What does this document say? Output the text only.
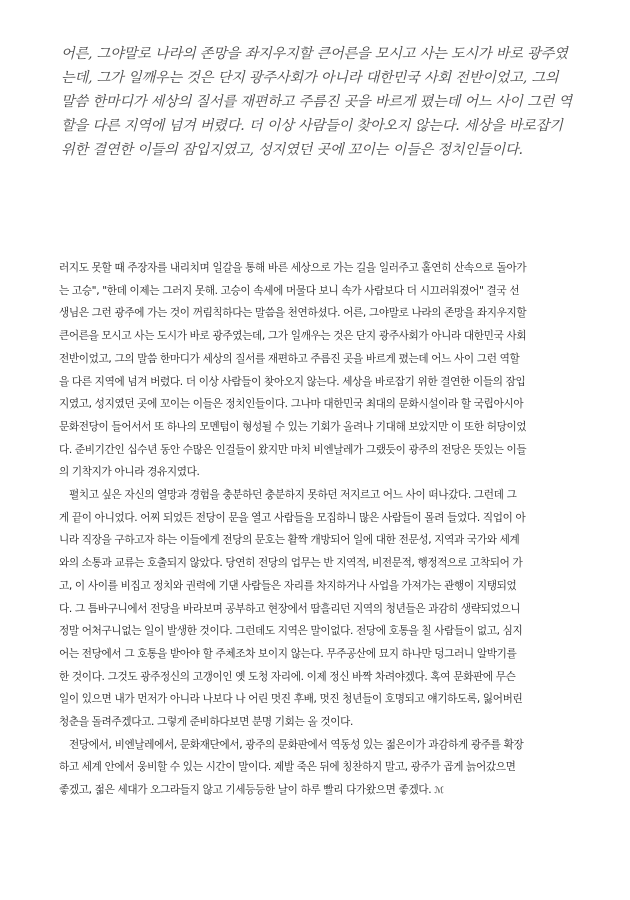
어른, 그야말로 나라의 존망을 좌지우지할 큰어른을 모시고 사는 도시가 바로 광주였
는데, 그가 일깨우는 것은 단지 광주사회가 아니라 대한민국 사회 전반이었고, 그의
말씀 한마디가 세상의 질서를 재편하고 주름진 곳을 바르게 폈는데 어느 사이 그런 역
할을 다른 지역에 넘겨 버렸다. 더 이상 사람들이 찾아오지 않는다. 세상을 바로잡기
위한 결연한 이들의 잠입지였고, 성지였던 곳에 꼬이는 이들은 정치인들이다.
러지도 못할 때 주장자를 내리치며 일갈을 통해 바른 세상으로 가는 길을 일러주고 홀연히 산속으로 돌아가
는 고승", "한데 이제는 그러지 못해. 고승이 속세에 머물다 보니 속가 사람보다 더 시끄러워졌어" 결국 선
생님은 그런 광주에 가는 것이 꺼림칙하다는 말씀을 천연하셨다. 어른, 그야말로 나라의 존망을 좌지우지할
큰어른을 모시고 사는 도시가 바로 광주였는데, 그가 일깨우는 것은 단지 광주사회가 아니라 대한민국 사회
전반이었고, 그의 말씀 한마디가 세상의 질서를 재편하고 주름진 곳을 바르게 폈는데 어느 사이 그런 역할
을 다른 지역에 넘겨 버렸다. 더 이상 사람들이 찾아오지 않는다. 세상을 바로잡기 위한 결연한 이들의 잠입
지였고, 성지였던 곳에 꼬이는 이들은 정치인들이다. 그나마 대한민국 최대의 문화시설이라 할 국립아시아
문화전당이 들어서서 또 하나의 모멘텀이 형성될 수 있는 기회가 올려나 기대해 보았지만 이 또한 허당이었
다. 준비기간인 십수년 동안 수많은 인걸들이 왔지만 마치 비엔날레가 그랬듯이 광주의 전당은 뜻있는 이들
의 기착지가 아니라 경유지였다.
펼치고 싶은 자신의 열망과 경험을 충분하던 충분하지 못하던 저지르고 어느 사이 떠나갔다. 그런데 그
게 끝이 아니었다. 어찌 되었든 전당이 문을 열고 사람들을 모집하니 많은 사람들이 몰려 들었다. 직업이 아
니라 직장을 구하고자 하는 이들에게 전당의 문호는 활짝 개방되어 일에 대한 전문성, 지역과 국가와 세계
와의 소통과 교류는 호출되지 않았다. 당연히 전당의 업무는 반 지역적, 비전문적, 행정적으로 고착되어 가
고, 이 사이를 비집고 정치와 권력에 기댄 사람들은 자리를 차지하거나 사업을 가져가는 관행이 지탱되었
다. 그 틈바구니에서 전당을 바라보며 공부하고 현장에서 땀흘리던 지역의 청년들은 과감히 생략되었으니
정말 어처구니없는 일이 발생한 것이다. 그런데도 지역은 말이없다. 전당에 호통을 칠 사람들이 없고, 심지
어는 전당에서 그 호통을 받아야 할 주체조차 보이지 않는다. 무주공산에 묘지 하나만 덩그러니 알박기를
한 것이다. 그것도 광주정신의 고갱이인 옛 도청 자리에. 이제 정신 바짝 차려야겠다. 혹여 문화판에 무슨
일이 있으면 내가 먼저가 아니라 나보다 나 어린 멋진 후배, 멋진 청년들이 호명되고 얘기하도록, 잃어버린
청춘을 돌려주겠다고. 그렇게 준비하다보면 분명 기회는 올 것이다.
전당에서, 비엔날레에서, 문화재단에서, 광주의 문화판에서 역동성 있는 젊은이가 과감하게 광주를 확장
하고 세계 안에서 웅비할 수 있는 시간이 말이다. 제발 죽은 뒤에 칭찬하지 말고, 광주가 곱게 늙어갔으면
좋겠고, 젊은 세대가 오그라들지 않고 기세등등한 날이 하루 빨리 다가왔으면 좋겠다. ℳ
